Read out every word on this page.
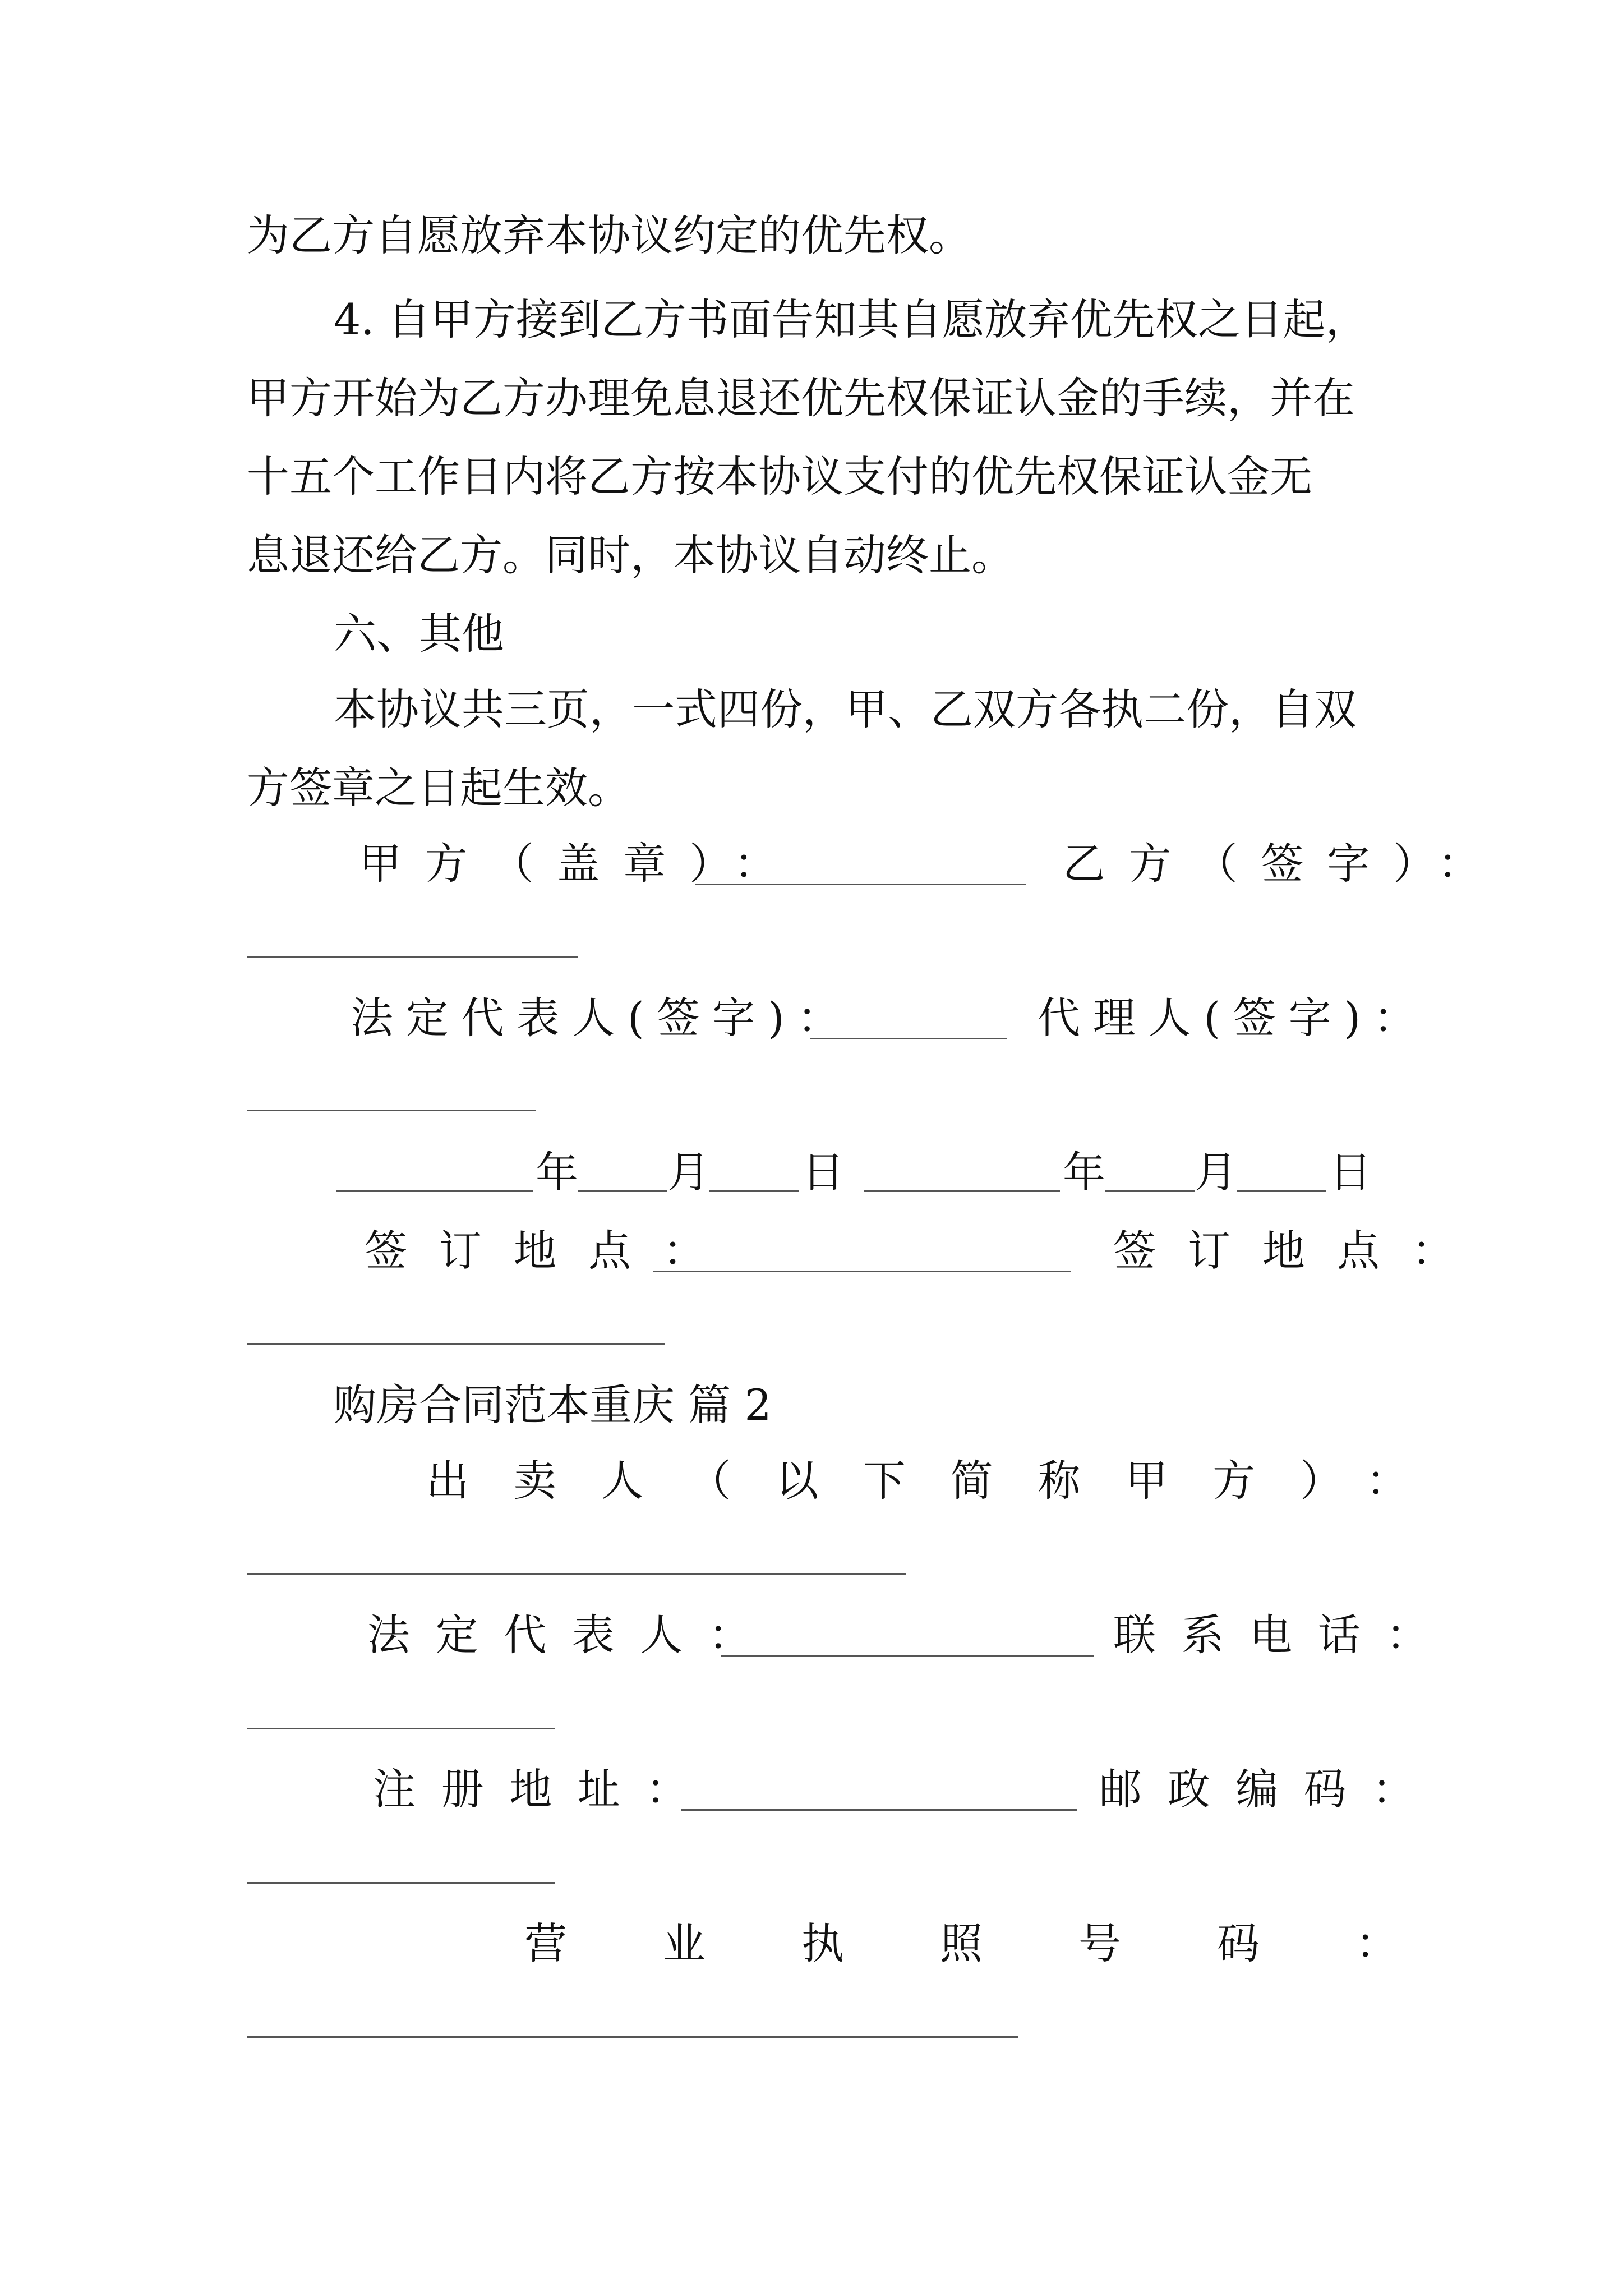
为乙方自愿放弃本协议约定的优先权。
4. 自甲方接到乙方书面告知其自愿放弃优先权之日起，
甲方开始为乙方办理免息退还优先权保证认金的手续，并在
十五个工作日内将乙方按本协议支付的优先权保证认金无
息退还给乙方。同时，本协议自动终止。
六、其他
本协议共三页，一式四份，甲、乙双方各执二份，自双
方签章之日起生效。
甲方（盖章）：	乙方（签字）：
法定代表人(签字)：	代理人(签字)：
年 月 日	年 月 日
签订地点：	签订地点：
购房合同范本重庆 篇 2
出卖人（以下简称甲方）：
法定代表人：	联系电话：
注册地址：	邮政编码：
营业执照号码：
